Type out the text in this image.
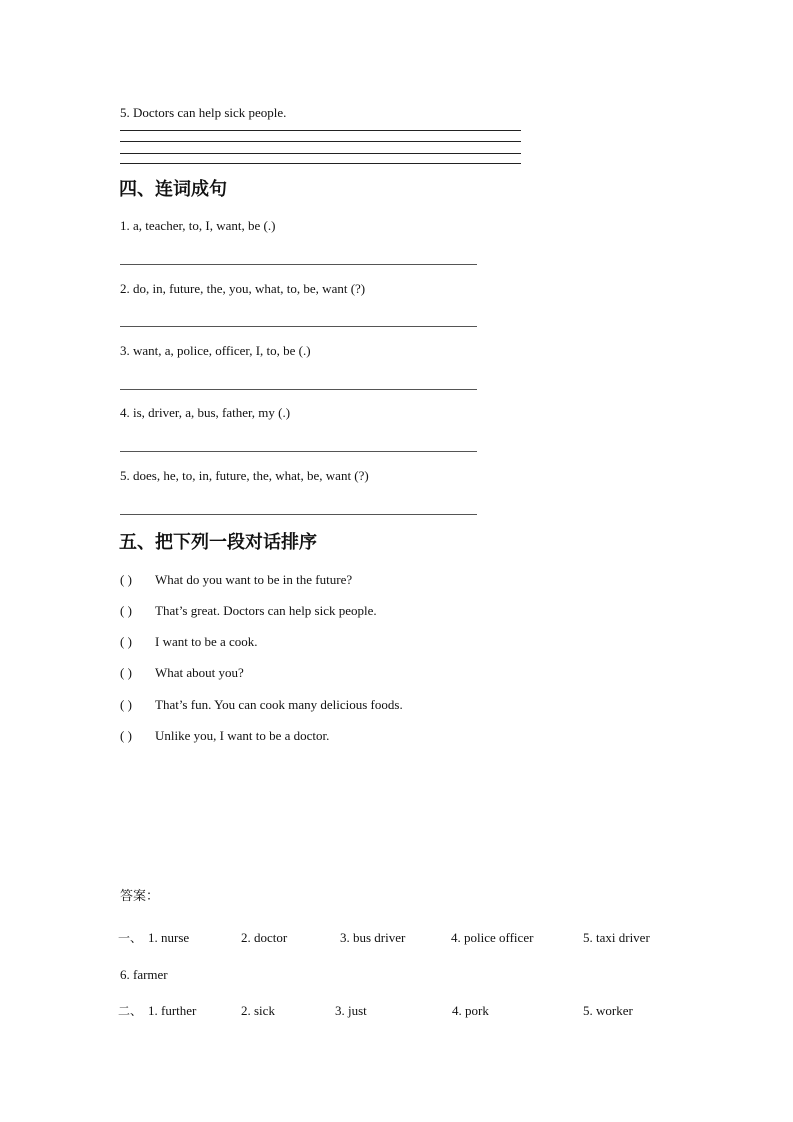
5. Doctors can help sick people.
四、连词成句
1. a, teacher, to, I, want, be (.)
2. do, in, future, the, you, what, to, be, want (?)
3. want, a, police, officer, I, to, be (.)
4. is, driver, a, bus, father, my (.)
5. does, he, to, in, future, the, what, be, want (?)
五、把下列一段对话排序
( ) What do you want to be in the future?
( ) That’s great. Doctors can help sick people.
( ) I want to be a cook.
( ) What about you?
( ) That’s fun. You can cook many delicious foods.
( ) Unlike you, I want to be a doctor.
答案：
一、 1. nurse	2. doctor	3. bus driver	4. police officer	5. taxi driver
6. farmer
二、 1. further	2. sick	3. just	4. pork	5. worker
